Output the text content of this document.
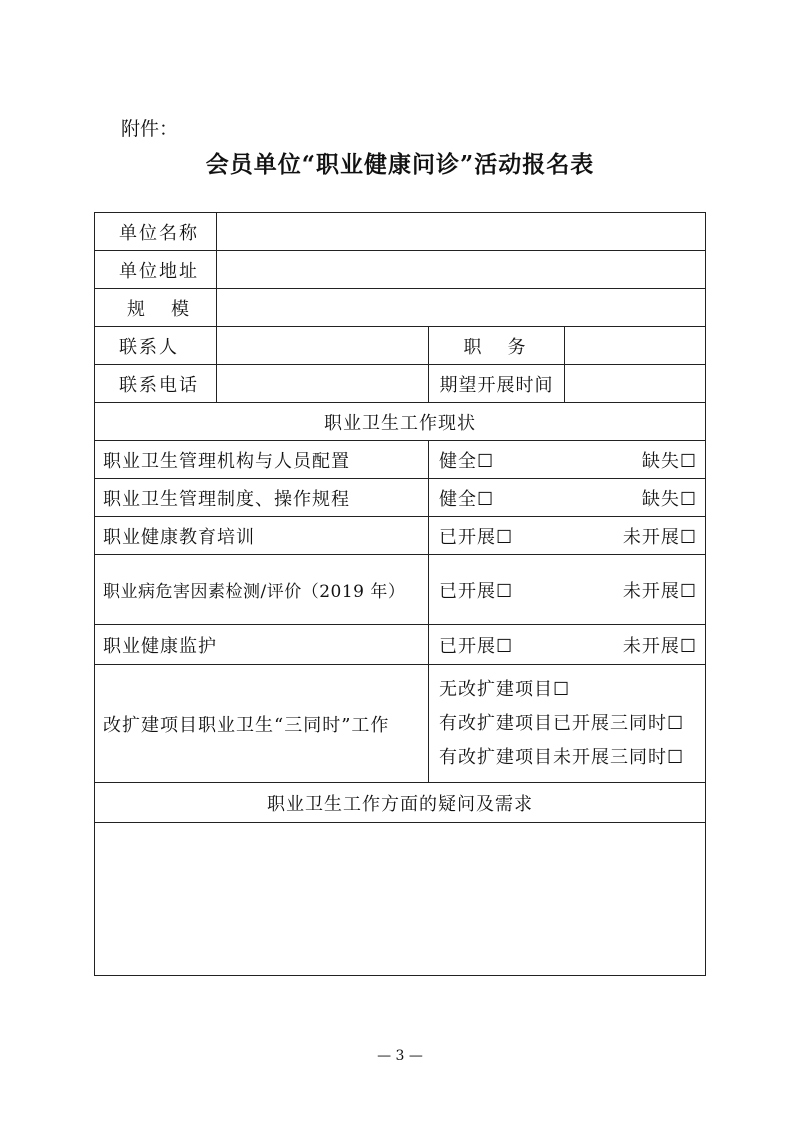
附件：
会员单位“职业健康问诊”活动报名表
单位名称
单位地址
规　模
联系人	职　务
联系电话	期望开展时间
职业卫生工作现状
职业卫生管理机构与人员配置	健全☐	缺失☐
职业卫生管理制度、操作规程	健全☐	缺失☐
职业健康教育培训	已开展☐	未开展☐
职业病危害因素检测/评价（2019 年）	已开展☐	未开展☐
职业健康监护	已开展☐	未开展☐
改扩建项目职业卫生“三同时”工作
无改扩建项目☐
有改扩建项目已开展三同时☐
有改扩建项目未开展三同时☐
职业卫生工作方面的疑问及需求
— 3 —
